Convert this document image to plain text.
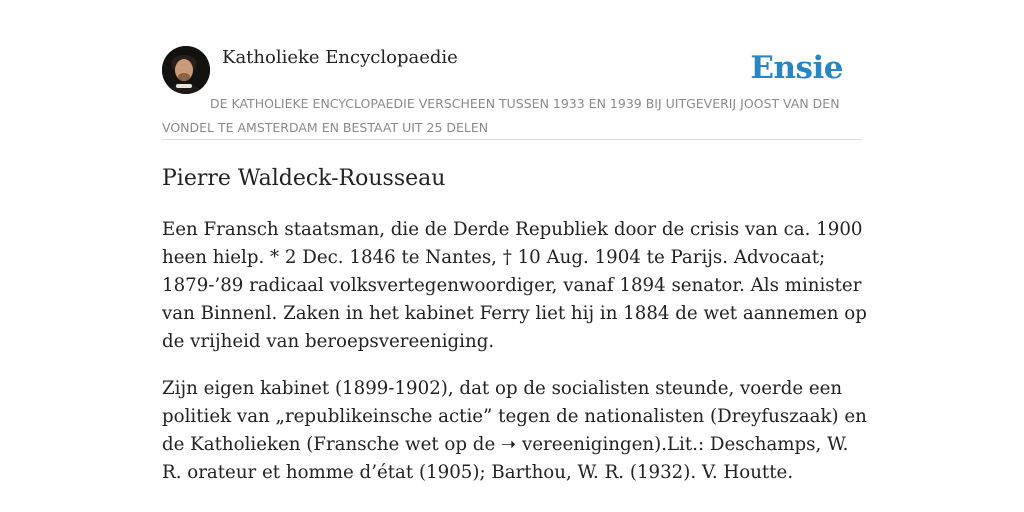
Katholieke Encyclopaedie	Ensie
DE KATHOLIEKE ENCYCLOPAEDIE VERSCHEEN TUSSEN 1933 EN 1939 BIJ UITGEVERIJ JOOST VAN DEN VONDEL TE AMSTERDAM EN BESTAAT UIT 25 DELEN
Pierre Waldeck-Rousseau

Een Fransch staatsman, die de Derde Republiek door de crisis van ca. 1900 heen hielp. * 2 Dec. 1846 te Nantes, † 10 Aug. 1904 te Parijs. Advocaat; 1879-’89 radicaal volksvertegenwoordiger, vanaf 1894 senator. Als minister van Binnenl. Zaken in het kabinet Ferry liet hij in 1884 de wet aannemen op de vrijheid van beroepsvereeniging.

Zijn eigen kabinet (1899-1902), dat op de socialisten steunde, voerde een politiek van „republikeinsche actie” tegen de nationalisten (Dreyfuszaak) en de Katholieken (Fransche wet op de ➝ vereenigingen).Lit.: Deschamps, W. R. orateur et homme d’état (1905); Barthou, W. R. (1932). V. Houtte.
